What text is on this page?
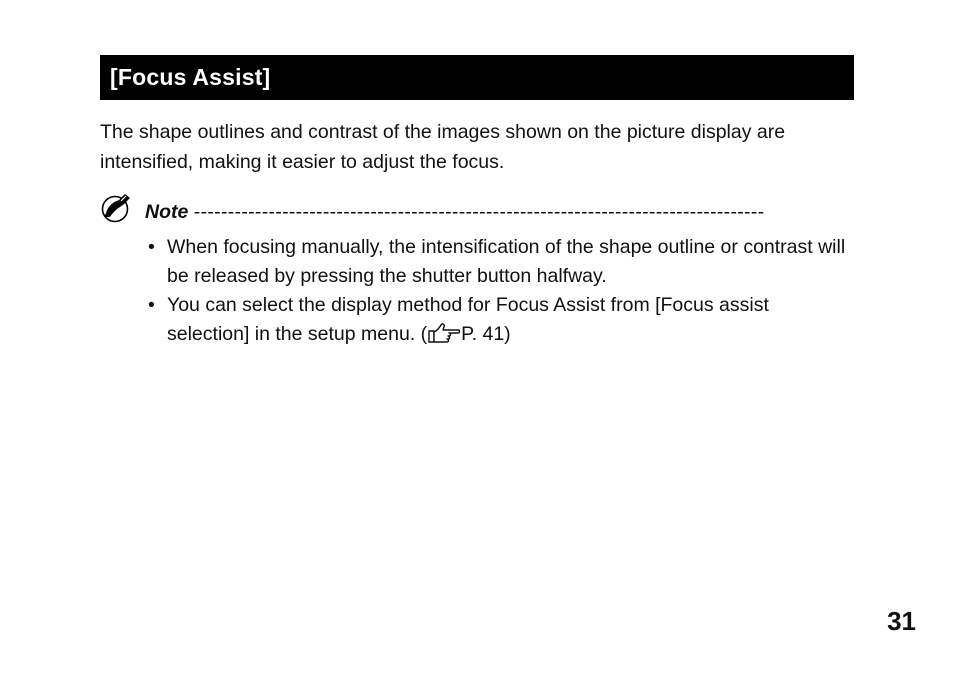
[Focus Assist]

The shape outlines and contrast of the images shown on the picture display are intensified, making it easier to adjust the focus.

Note ------------------------------------------------------------------------------------
• When focusing manually, the intensification of the shape outline or contrast will be released by pressing the shutter button halfway.
• You can select the display method for Focus Assist from [Focus assist selection] in the setup menu. ( P. 41)
31
